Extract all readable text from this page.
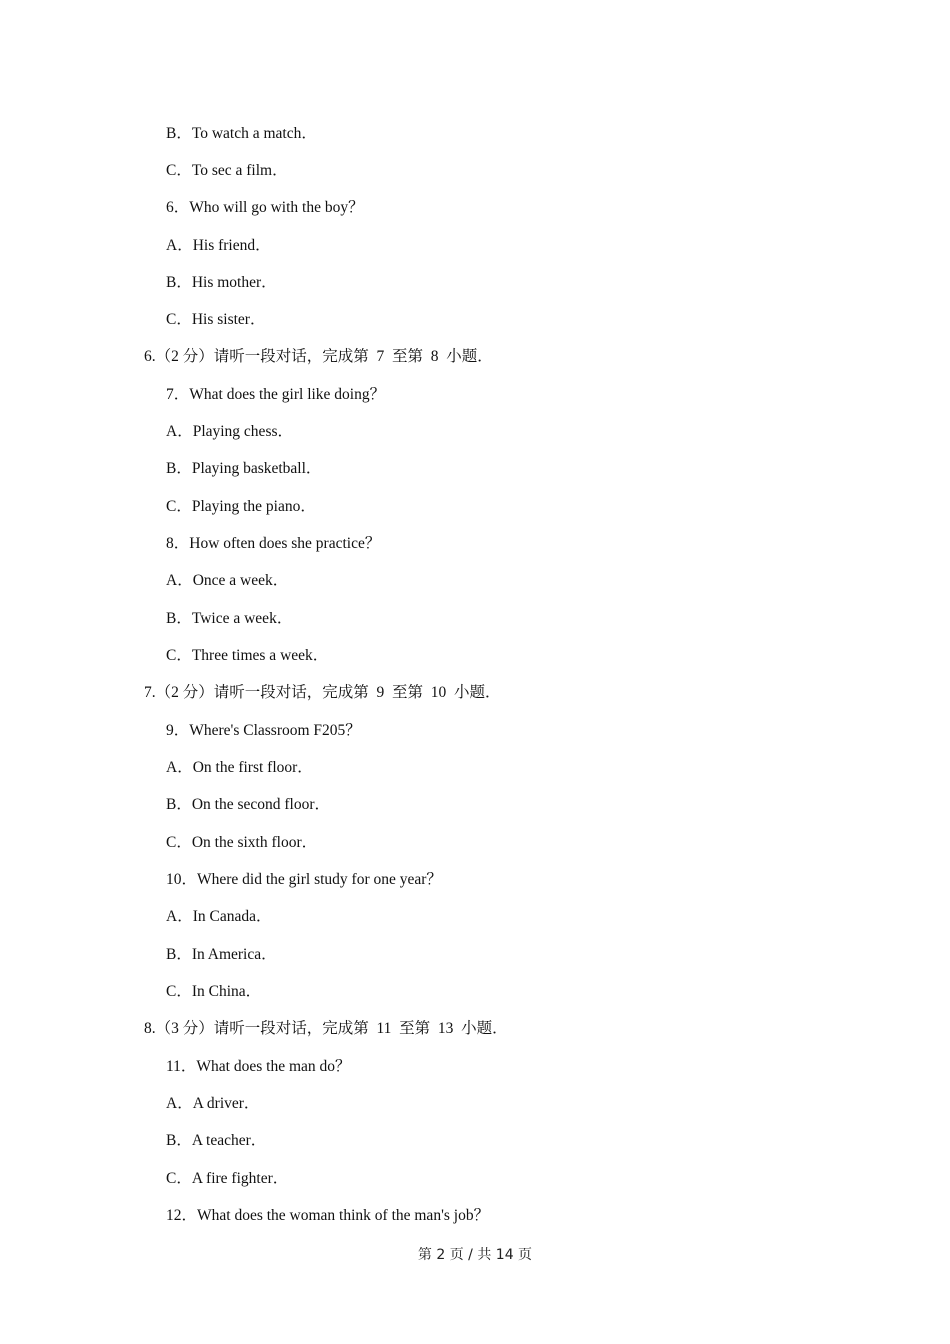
B．To watch a match．
C．To sec a film．
6．Who will go with the boy？
A．His friend．
B．His mother．
C．His sister．
6.（2 分）请听一段对话，完成第  7  至第  8  小题．
7．What does the girl like doing？
A．Playing chess．
B．Playing basketball．
C．Playing the piano．
8．How often does she practice？
A．Once a week．
B．Twice a week．
C．Three times a week．
7.（2 分）请听一段对话，完成第  9  至第  10  小题．
9．Where's Classroom F205？
A．On the first floor．
B．On the second floor．
C．On the sixth floor．
10．Where did the girl study for one year？
A．In Canada．
B．In America．
C．In China．
8.（3 分）请听一段对话，完成第  11  至第  13  小题．
11．What does the man do？
A．A driver．
B．A teacher．
C．A fire fighter．
12．What does the woman think of the man's job？
第 2 页 / 共 14 页
